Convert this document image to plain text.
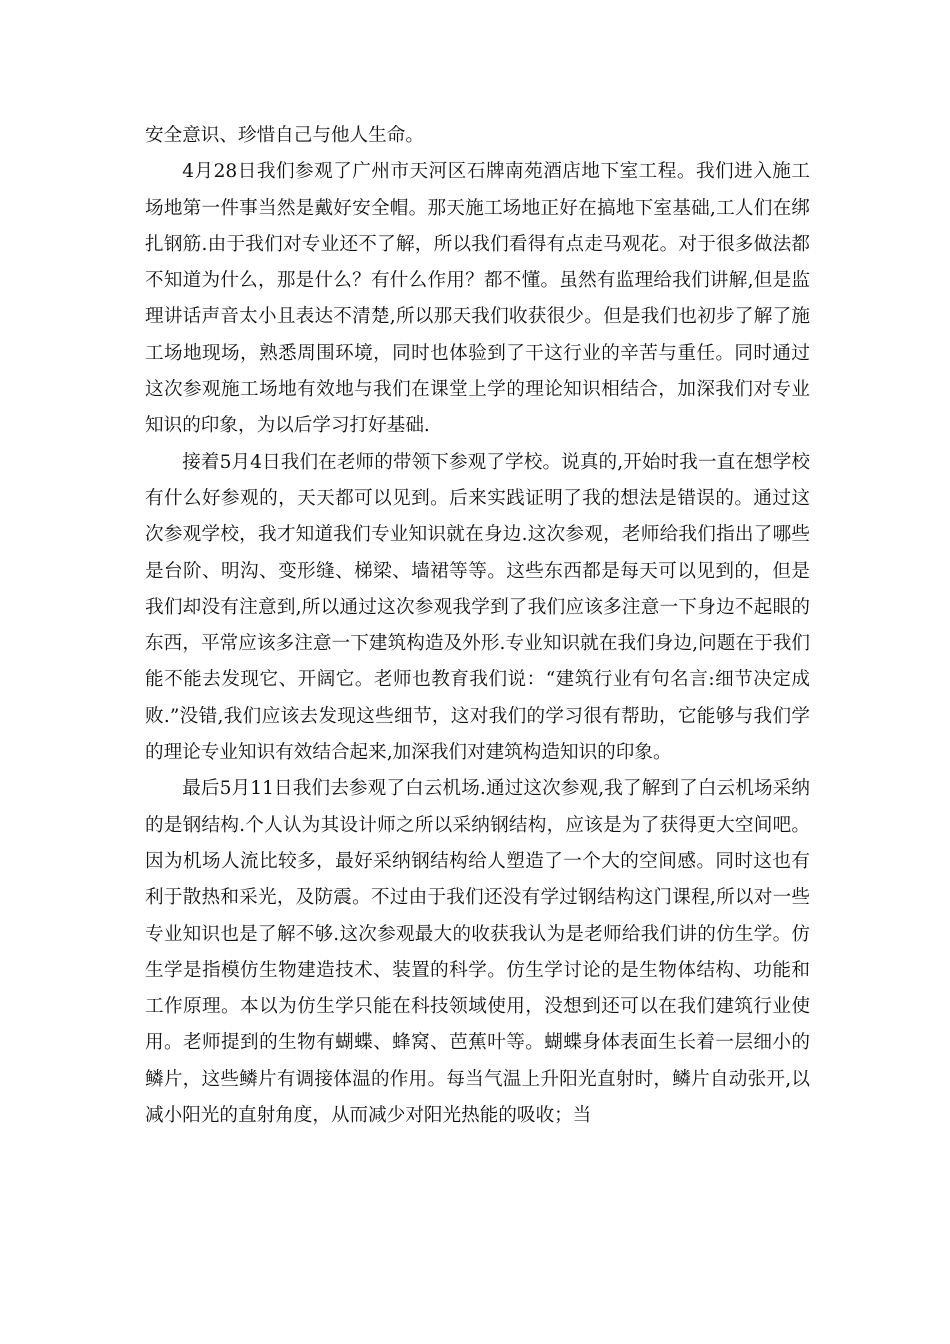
安全意识、珍惜自己与他人生命。

4月28日我们参观了广州市天河区石牌南苑酒店地下室工程。我们进入施工场地第一件事当然是戴好安全帽。那天施工场地正好在搞地下室基础,工人们在绑扎钢筋.由于我们对专业还不了解，所以我们看得有点走马观花。对于很多做法都不知道为什么，那是什么？有什么作用？都不懂。虽然有监理给我们讲解,但是监理讲话声音太小且表达不清楚,所以那天我们收获很少。但是我们也初步了解了施工场地现场，熟悉周围环境，同时也体验到了干这行业的辛苦与重任。同时通过这次参观施工场地有效地与我们在课堂上学的理论知识相结合，加深我们对专业知识的印象，为以后学习打好基础.

接着5月4日我们在老师的带领下参观了学校。说真的,开始时我一直在想学校有什么好参观的，天天都可以见到。后来实践证明了我的想法是错误的。通过这次参观学校，我才知道我们专业知识就在身边.这次参观，老师给我们指出了哪些是台阶、明沟、变形缝、梯梁、墙裙等等。这些东西都是每天可以见到的，但是我们却没有注意到,所以通过这次参观我学到了我们应该多注意一下身边不起眼的东西，平常应该多注意一下建筑构造及外形.专业知识就在我们身边,问题在于我们能不能去发现它、开阔它。老师也教育我们说：“建筑行业有句名言:细节决定成败.”没错,我们应该去发现这些细节，这对我们的学习很有帮助，它能够与我们学的理论专业知识有效结合起来,加深我们对建筑构造知识的印象。

最后5月11日我们去参观了白云机场.通过这次参观,我了解到了白云机场采纳的是钢结构.个人认为其设计师之所以采纳钢结构，应该是为了获得更大空间吧。因为机场人流比较多，最好采纳钢结构给人塑造了一个大的空间感。同时这也有利于散热和采光，及防震。不过由于我们还没有学过钢结构这门课程,所以对一些专业知识也是了解不够.这次参观最大的收获我认为是老师给我们讲的仿生学。仿生学是指模仿生物建造技术、装置的科学。仿生学讨论的是生物体结构、功能和工作原理。本以为仿生学只能在科技领域使用，没想到还可以在我们建筑行业使用。老师提到的生物有蝴蝶、蜂窝、芭蕉叶等。蝴蝶身体表面生长着一层细小的鳞片，这些鳞片有调接体温的作用。每当气温上升阳光直射时，鳞片自动张开,以减小阳光的直射角度，从而减少对阳光热能的吸收；当
